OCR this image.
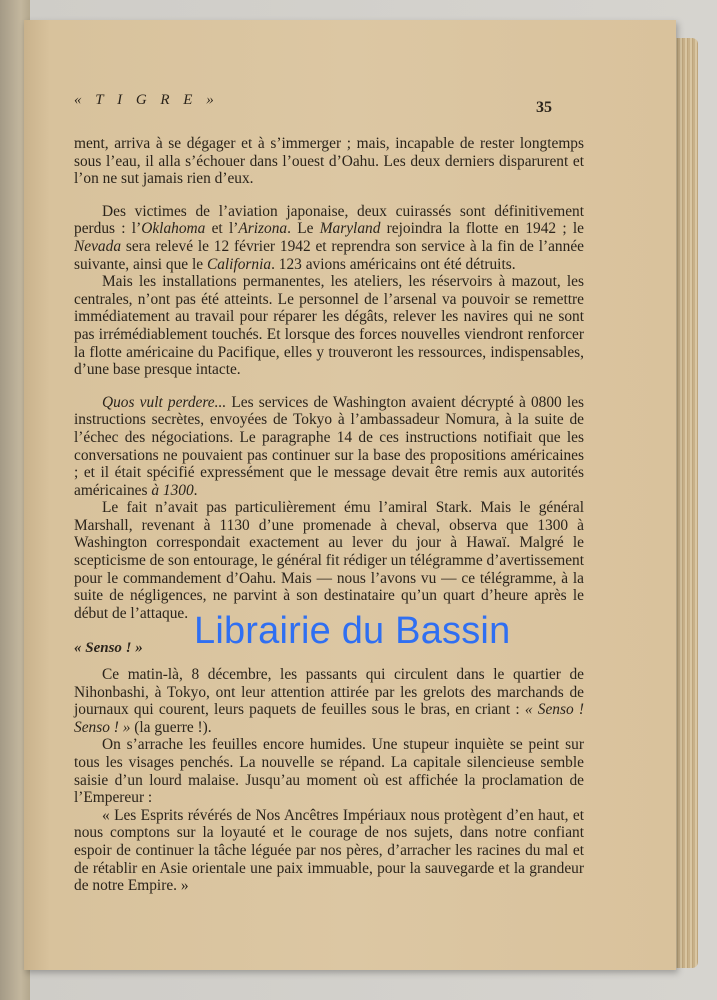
« T I G R E »	35

ment, arriva à se dégager et à s’immerger ; mais, incapable de rester longtemps sous l’eau, il alla s’échouer dans l’ouest d’Oahu. Les deux derniers disparurent et l’on ne sut jamais rien d’eux.

Des victimes de l’aviation japonaise, deux cuirassés sont définitivement perdus : l’Oklahoma et l’Arizona. Le Maryland rejoindra la flotte en 1942 ; le Nevada sera relevé le 12 février 1942 et reprendra son service à la fin de l’année suivante, ainsi que le California. 123 avions américains ont été détruits.

Mais les installations permanentes, les ateliers, les réservoirs à mazout, les centrales, n’ont pas été atteints. Le personnel de l’arsenal va pouvoir se remettre immédiatement au travail pour réparer les dégâts, relever les navires qui ne sont pas irrémédiablement touchés. Et lorsque des forces nouvelles viendront renforcer la flotte américaine du Pacifique, elles y trouveront les ressources, indispensables, d’une base presque intacte.

Quos vult perdere... Les services de Washington avaient décrypté à 0800 les instructions secrètes, envoyées de Tokyo à l’ambassadeur Nomura, à la suite de l’échec des négociations. Le paragraphe 14 de ces instructions notifiait que les conversations ne pouvaient pas continuer sur la base des propositions américaines ; et il était spécifié expressément que le message devait être remis aux autorités américaines à 1300.

Le fait n’avait pas particulièrement ému l’amiral Stark. Mais le général Marshall, revenant à 1130 d’une promenade à cheval, observa que 1300 à Washington correspondait exactement au lever du jour à Hawaï. Malgré le scepticisme de son entourage, le général fit rédiger un télégramme d’avertissement pour le commandement d’Oahu. Mais — nous l’avons vu — ce télégramme, à la suite de négligences, ne parvint à son destinataire qu’un quart d’heure après le début de l’attaque.

« Senso ! »

Ce matin-là, 8 décembre, les passants qui circulent dans le quartier de Nihonbashi, à Tokyo, ont leur attention attirée par les grelots des marchands de journaux qui courent, leurs paquets de feuilles sous le bras, en criant : « Senso ! Senso ! » (la guerre !).

On s’arrache les feuilles encore humides. Une stupeur inquiète se peint sur tous les visages penchés. La nouvelle se répand. La capitale silencieuse semble saisie d’un lourd malaise. Jusqu’au moment où est affichée la proclamation de l’Empereur :

« Les Esprits révérés de Nos Ancêtres Impériaux nous protègent d’en haut, et nous comptons sur la loyauté et le courage de nos sujets, dans notre confiant espoir de continuer la tâche léguée par nos pères, d’arracher les racines du mal et de rétablir en Asie orientale une paix immuable, pour la sauvegarde et la grandeur de notre Empire. »

Librairie du Bassin
